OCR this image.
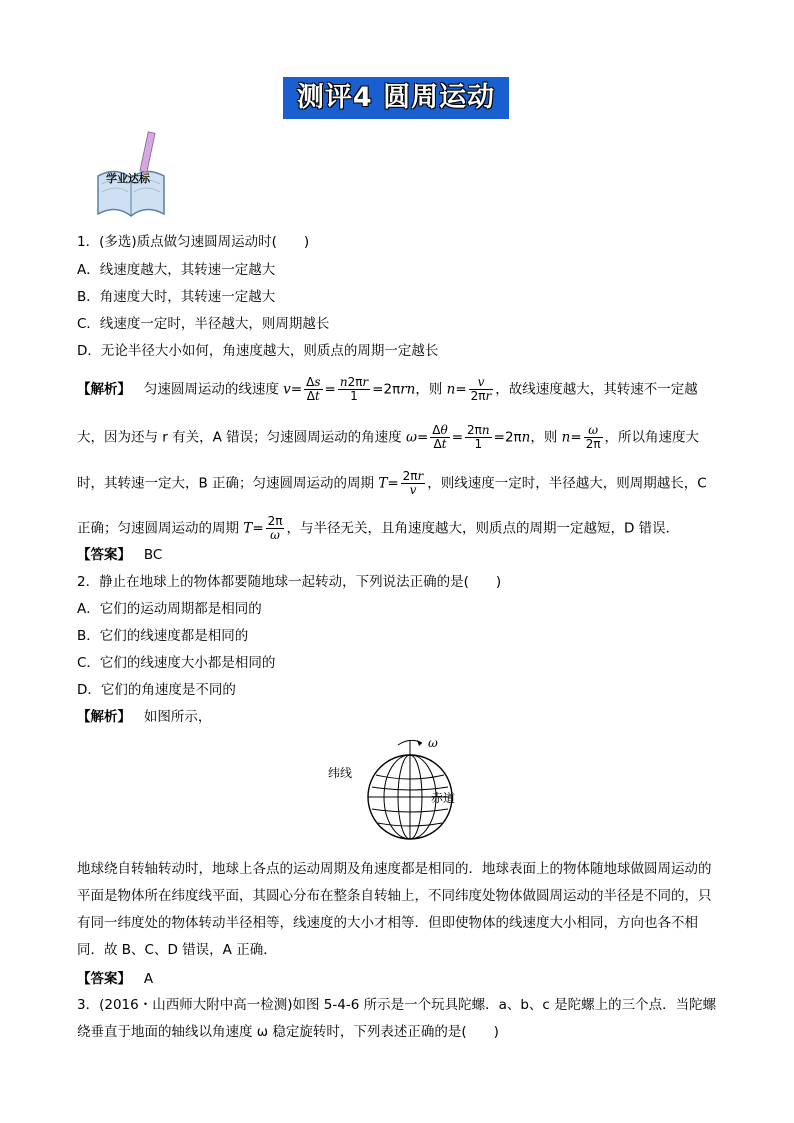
测评4 圆周运动
学业达标
1．(多选)质点做匀速圆周运动时(　　)
A．线速度越大，其转速一定越大
B．角速度大时，其转速一定越大
C．线速度一定时，半径越大，则周期越长
D．无论半径大小如何，角速度越大，则质点的周期一定越长
【解析】 匀速圆周运动的线速度 $v= \frac{\Delta s}{\Delta t} = \frac{n2\pi r}{1} =2\pi rn$，则 $n= \frac{v}{2\pi r}$ ，故线速度越大，其转速不一定越
大，因为还与 r 有关，A 错误；匀速圆周运动的角速度 $\omega= \frac{\Delta\theta}{\Delta t} = \frac{2\pi n}{1} =2\pi n$，则 $n= \frac{\omega}{2\pi}$ ，所以角速度大
时，其转速一定大，B 正确；匀速圆周运动的周期 $T= \frac{2\pi r}{v}$ ，则线速度一定时，半径越大，则周期越长，C
正确；匀速圆周运动的周期 $T= \frac{2\pi}{\omega}$ ，与半径无关，且角速度越大，则质点的周期一定越短，D 错误．
【答案】 BC
2．静止在地球上的物体都要随地球一起转动，下列说法正确的是(　　)
A．它们的运动周期都是相同的
B．它们的线速度都是相同的
C．它们的线速度大小都是相同的
D．它们的角速度是不同的
【解析】 如图所示，
ω
纬线
赤道
地球绕自转轴转动时，地球上各点的运动周期及角速度都是相同的．地球表面上的物体随地球做圆周运动的平面是物体所在纬度线平面，其圆心分布在整条自转轴上，不同纬度处物体做圆周运动的半径是不同的，只有同一纬度处的物体转动半径相等，线速度的大小才相等．但即使物体的线速度大小相同，方向也各不相同．故 B、C、D 错误，A 正确．
【答案】 A
3．(2016・山西师大附中高一检测)如图 5-4-6 所示是一个玩具陀螺．a、b、c 是陀螺上的三个点．当陀螺绕垂直于地面的轴线以角速度 ω 稳定旋转时，下列表述正确的是(　　)
